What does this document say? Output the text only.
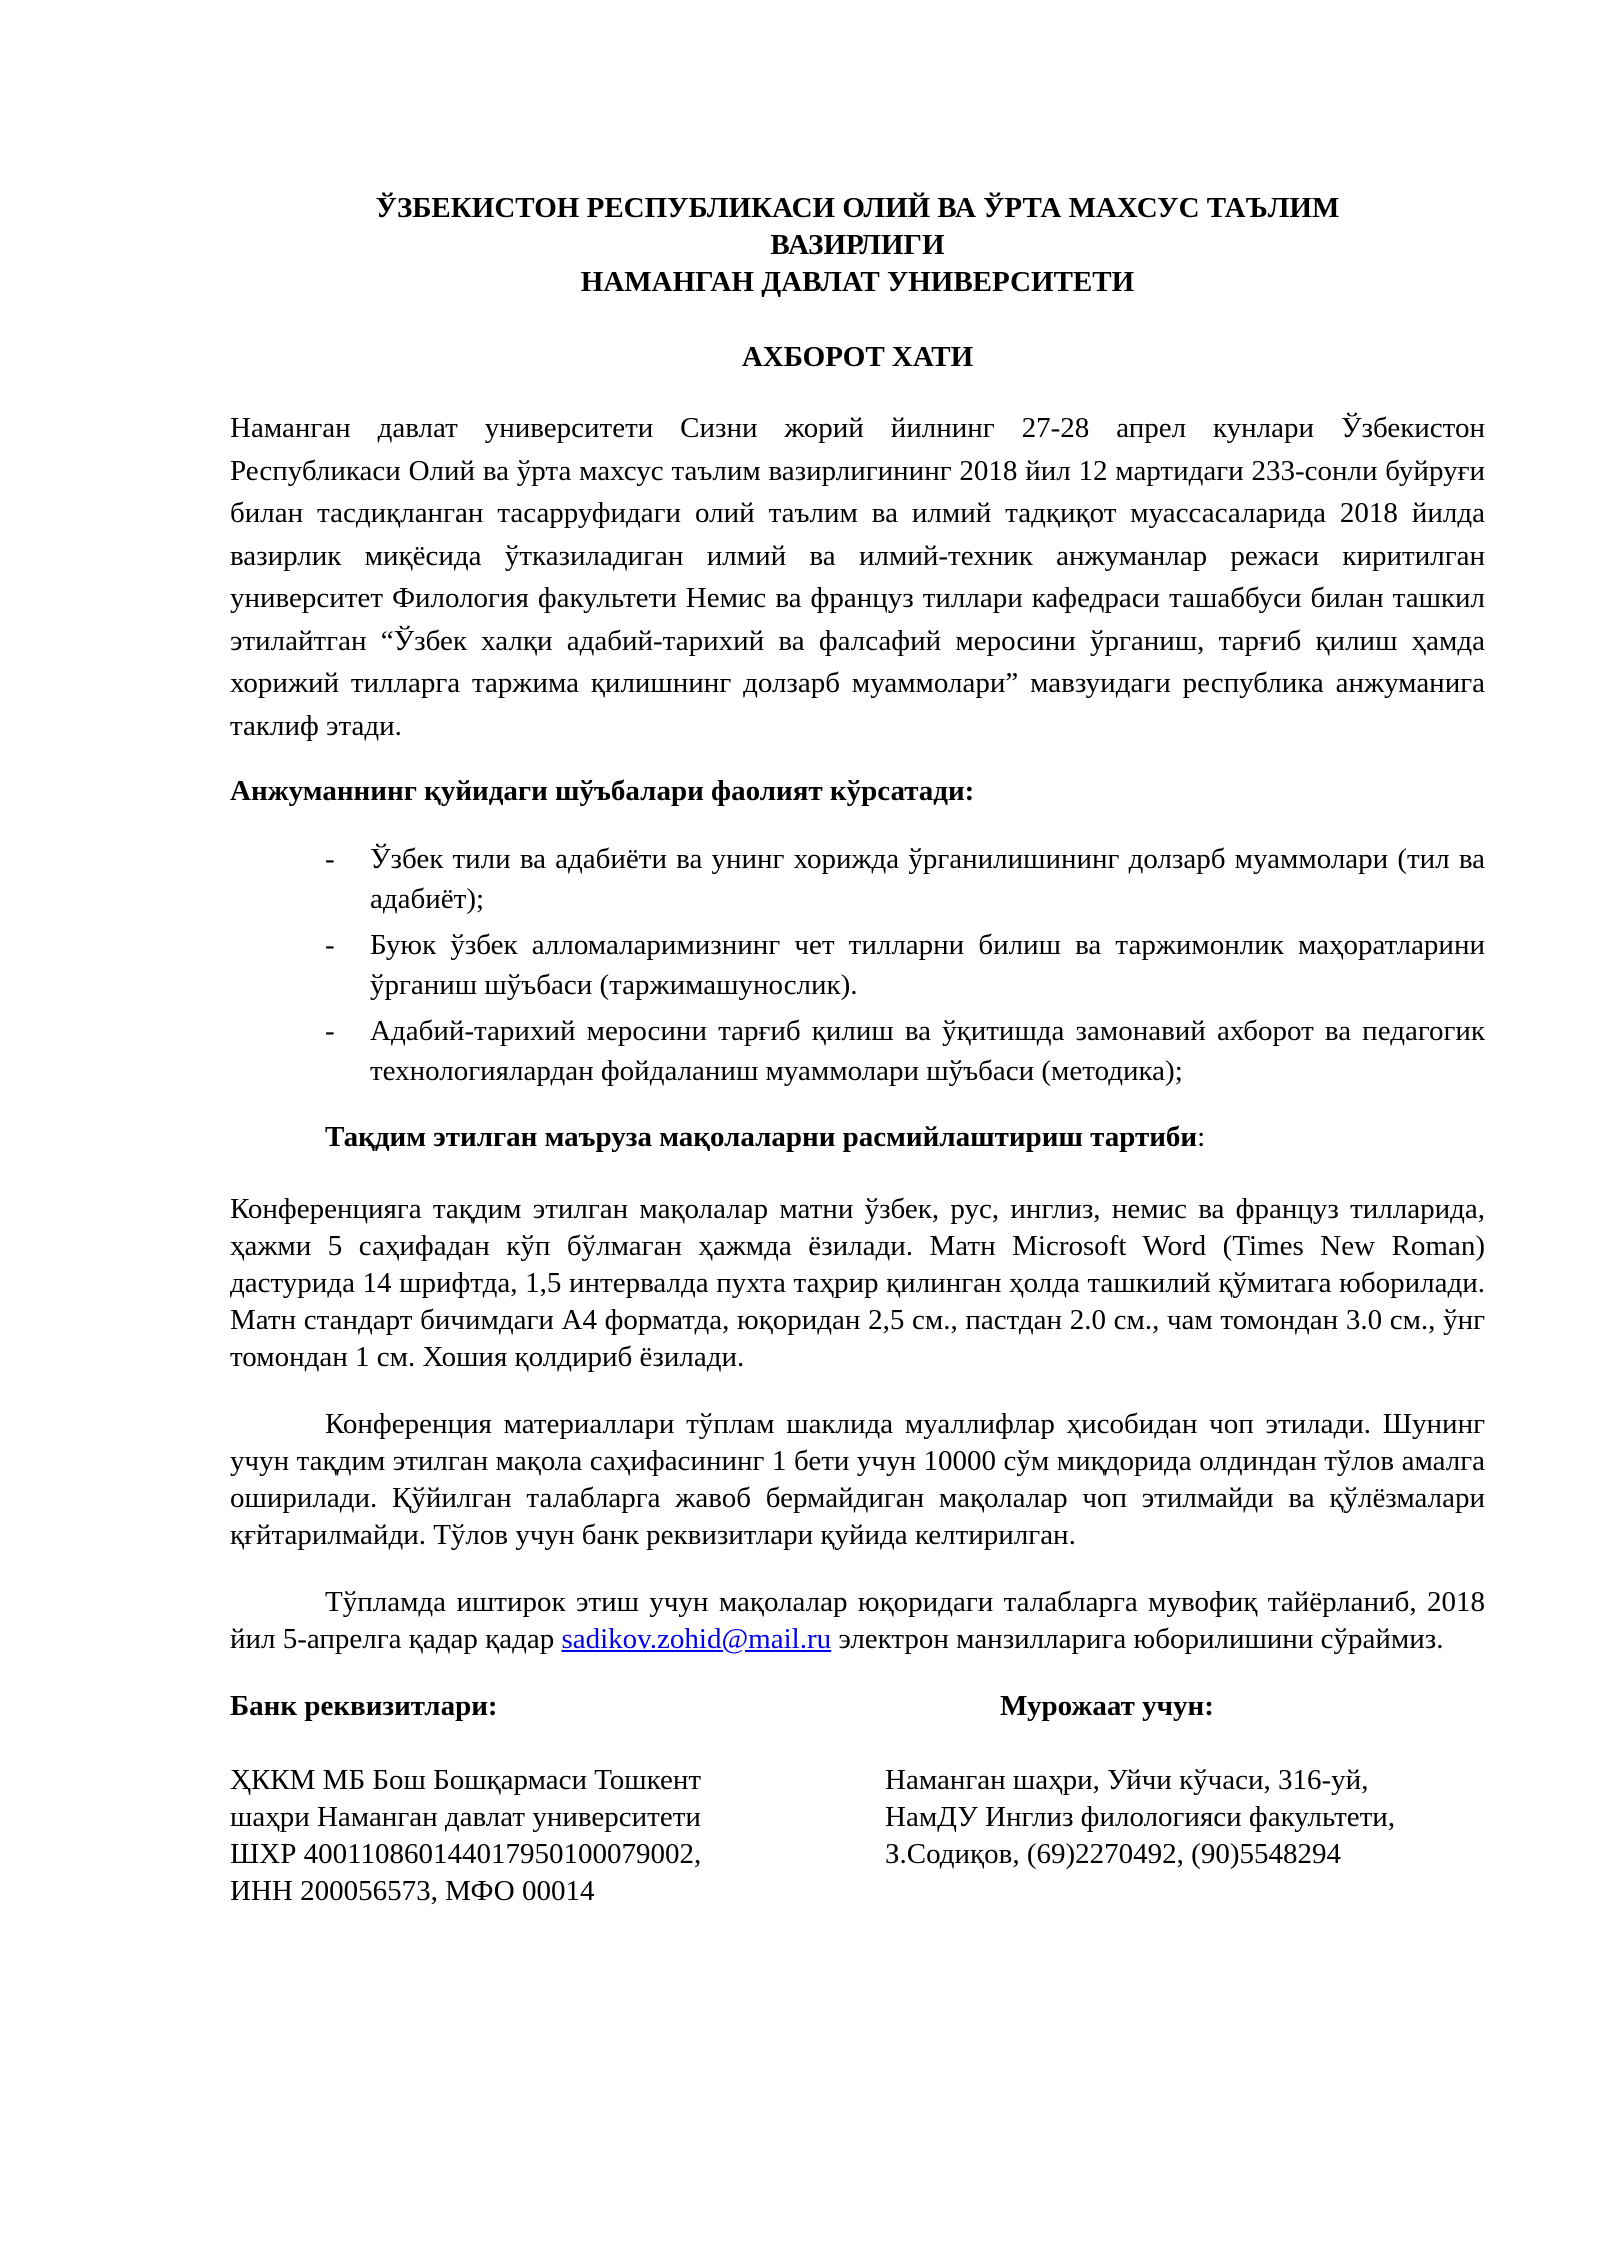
ЎЗБЕКИСТОН РЕСПУБЛИКАСИ ОЛИЙ ВА ЎРТА МАХСУС ТАЪЛИМ
ВАЗИРЛИГИ
НАМАНГАН ДАВЛАТ УНИВЕРСИТЕТИ
АХБОРОТ ХАТИ

Наманган давлат университети Сизни жорий йилнинг 27-28 апрел кунлари Ўзбекистон Республикаси Олий ва ўрта махсус таълим вазирлигининг 2018 йил 12 мартидаги 233-сонли буйруғи билан тасдиқланган тасарруфидаги олий таълим ва илмий тадқиқот муассасаларида 2018 йилда вазирлик миқёсида ўтказиладиган илмий ва илмий-техник анжуманлар режаси киритилган университет Филология факультети Немис ва француз тиллари кафедраси ташаббуси билан ташкил этилайтган “Ўзбек халқи адабий-тарихий ва фалсафий меросини ўрганиш, тарғиб қилиш ҳамда хорижий тилларга таржима қилишнинг долзарб муаммолари” мавзуидаги республика анжуманига таклиф этади.

Анжуманнинг қуйидаги шўъбалари фаолият кўрсатади:
- Ўзбек тили ва адабиёти ва унинг хорижда ўрганилишининг долзарб муаммолари (тил ва адабиёт);
- Буюк ўзбек алломаларимизнинг чет тилларни билиш ва таржимонлик маҳоратларини ўрганиш шўъбаси (таржимашунослик).
- Адабий-тарихий меросини тарғиб қилиш ва ўқитишда замонавий ахборот ва педагогик технологиялардан фойдаланиш муаммолари шўъбаси (методика);
Тақдим этилган маъруза мақолаларни расмийлаштириш тартиби:

Конференцияга тақдим этилган мақолалар матни ўзбек, рус, инглиз, немис ва француз тилларида, ҳажми 5 саҳифадан кўп бўлмаган ҳажмда ёзилади. Матн Microsoft Word (Times New Roman) дастурида 14 шрифтда, 1,5 интервалда пухта таҳрир қилинган ҳолда ташкилий қўмитага юборилади. Матн стандарт бичимдаги А4 форматда, юқоридан 2,5 см., пастдан 2.0 см., чам томондан 3.0 см., ўнг томондан 1 см. Хошия қолдириб ёзилади.

Конференция материаллари тўплам шаклида муаллифлар ҳисобидан чоп этилади. Шунинг учун тақдим этилган мақола саҳифасининг 1 бети учун 10000 сўм миқдорида олдиндан тўлов амалга оширилади. Қўйилган талабларга жавоб бермайдиган мақолалар чоп этилмайди ва қўлёзмалари қғйтарилмайди. Тўлов учун банк реквизитлари қуйида келтирилган.

Тўпламда иштирок этиш учун мақолалар юқоридаги талабларга мувофиқ тайёрланиб, 2018 йил 5-апрелга қадар қадар sadikov.zohid@mail.ru электрон манзилларига юборилишини сўраймиз.

Банк реквизитлари:
ҲККМ МБ Бош Бошқармаси Тошкент
шаҳри Наманган давлат университети
ШХР 400110860144017950100079002,
ИНН 200056573, МФО 00014
Мурожаат учун:
Наманган шаҳри, Уйчи кўчаси, 316-уй,
НамДУ Инглиз филологияси факультети,
З.Содиқов, (69)2270492, (90)5548294
